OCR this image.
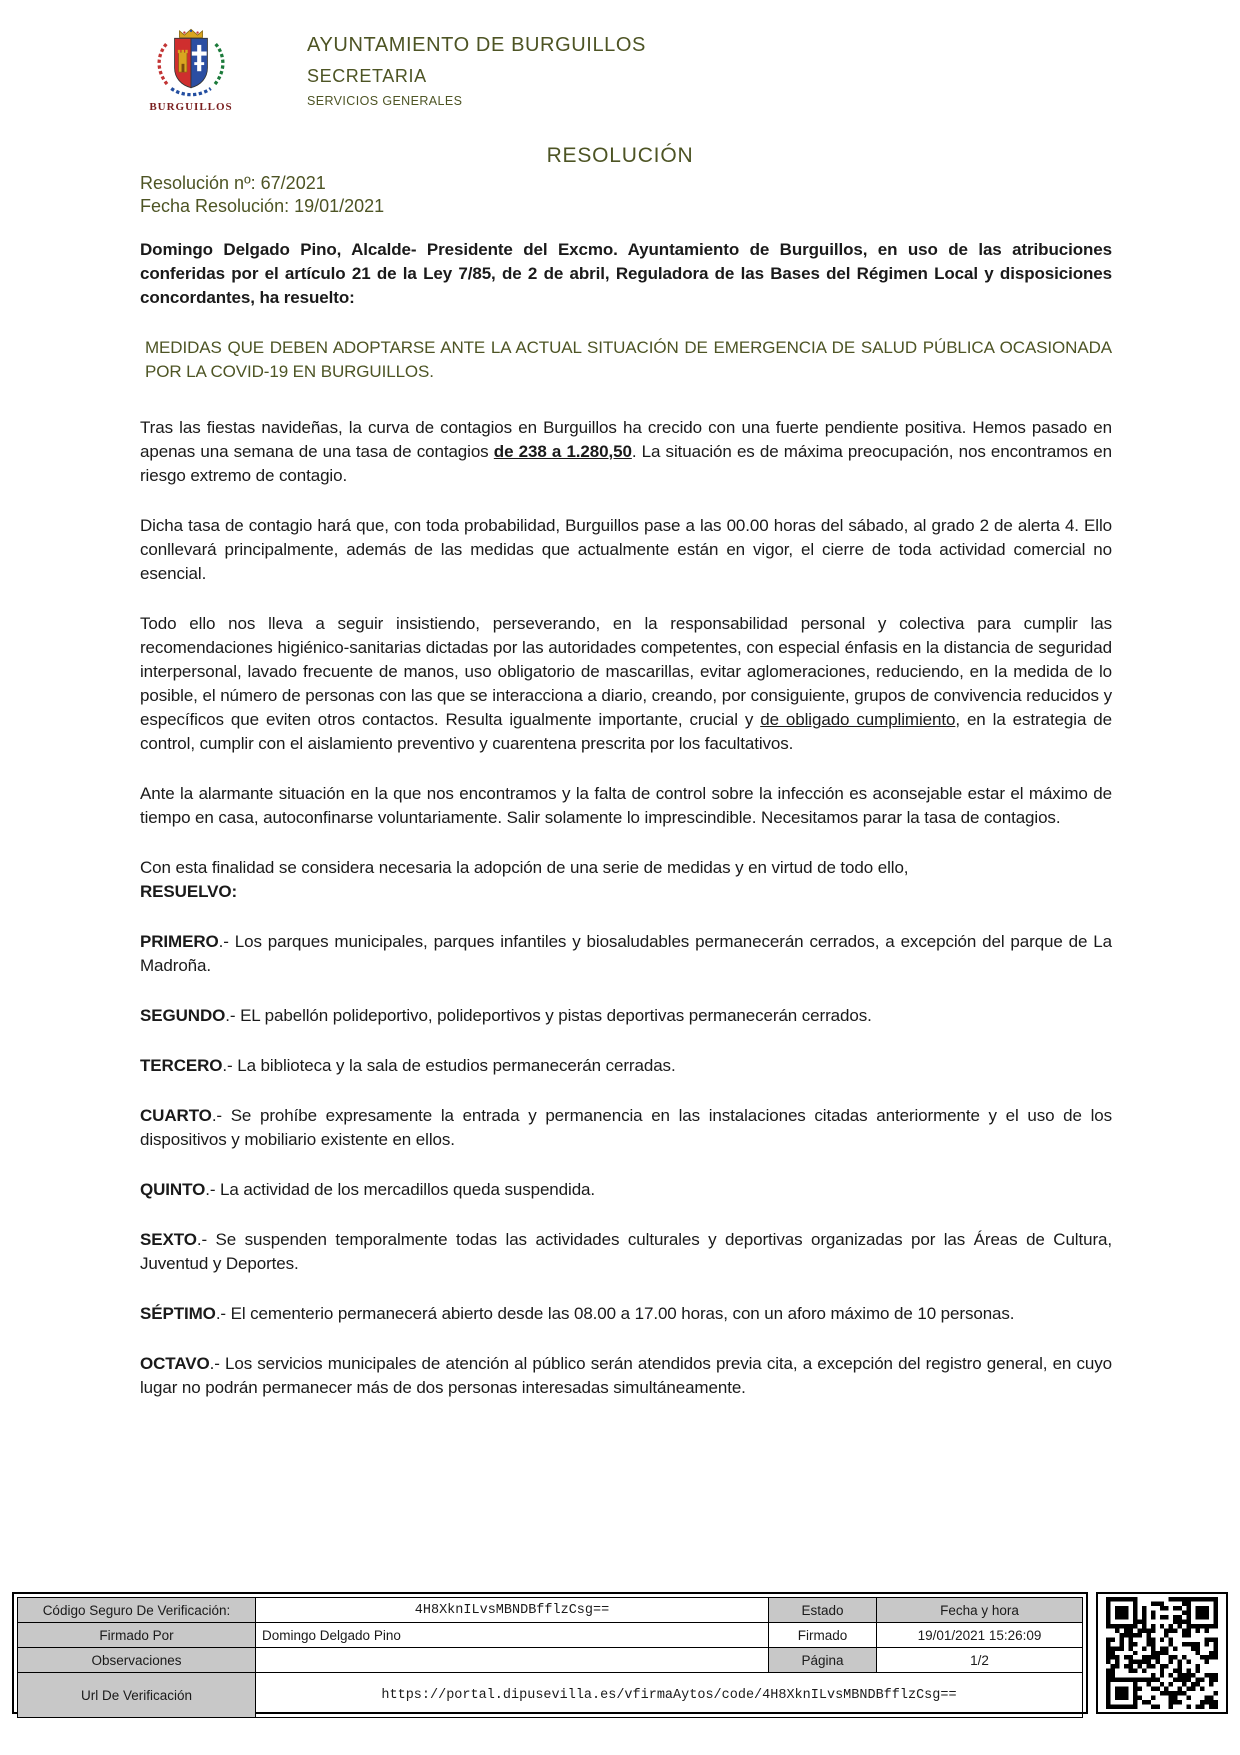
BURGUILLOS
AYUNTAMIENTO DE BURGUILLOS
SECRETARIA
SERVICIOS GENERALES
RESOLUCIÓN
Resolución nº: 67/2021
Fecha Resolución: 19/01/2021

Domingo Delgado Pino, Alcalde- Presidente del Excmo. Ayuntamiento de Burguillos, en uso de las atribuciones conferidas por el artículo 21 de la Ley 7/85, de 2 de abril, Reguladora de las Bases del Régimen Local y disposiciones concordantes, ha resuelto:

MEDIDAS QUE DEBEN ADOPTARSE ANTE LA ACTUAL SITUACIÓN DE EMERGENCIA DE SALUD PÚBLICA OCASIONADA POR LA COVID-19 EN BURGUILLOS.

Tras las fiestas navideñas, la curva de contagios en Burguillos ha crecido con una fuerte pendiente positiva. Hemos pasado en apenas una semana de una tasa de contagios de 238 a 1.280,50. La situación es de máxima preocupación, nos encontramos en riesgo extremo de contagio.

Dicha tasa de contagio hará que, con toda probabilidad, Burguillos pase a las 00.00 horas del sábado, al grado 2 de alerta 4. Ello conllevará principalmente, además de las medidas que actualmente están en vigor, el cierre de toda actividad comercial no esencial.

Todo ello nos lleva a seguir insistiendo, perseverando, en la responsabilidad personal y colectiva para cumplir las recomendaciones higiénico-sanitarias dictadas por las autoridades competentes, con especial énfasis en la distancia de seguridad interpersonal, lavado frecuente de manos, uso obligatorio de mascarillas, evitar aglomeraciones, reduciendo, en la medida de lo posible, el número de personas con las que se interacciona a diario, creando, por consiguiente, grupos de convivencia reducidos y específicos que eviten otros contactos. Resulta igualmente importante, crucial y de obligado cumplimiento, en la estrategia de control, cumplir con el aislamiento preventivo y cuarentena prescrita por los facultativos.

Ante la alarmante situación en la que nos encontramos y la falta de control sobre la infección es aconsejable estar el máximo de tiempo en casa, autoconfinarse voluntariamente. Salir solamente lo imprescindible. Necesitamos parar la tasa de contagios.

Con esta finalidad se considera necesaria la adopción de una serie de medidas y en virtud de todo ello,
RESUELVO:

PRIMERO.- Los parques municipales, parques infantiles y biosaludables permanecerán cerrados, a excepción del parque de La Madroña.

SEGUNDO.- EL pabellón polideportivo, polideportivos y pistas deportivas permanecerán cerrados.

TERCERO.- La biblioteca y la sala de estudios permanecerán cerradas.

CUARTO.- Se prohíbe expresamente la entrada y permanencia en las instalaciones citadas anteriormente y el uso de los dispositivos y mobiliario existente en ellos.

QUINTO.- La actividad de los mercadillos queda suspendida.

SEXTO.- Se suspenden temporalmente todas las actividades culturales y deportivas organizadas por las Áreas de Cultura, Juventud y Deportes.

SÉPTIMO.- El cementerio permanecerá abierto desde las 08.00 a 17.00 horas, con un aforo máximo de 10 personas.

OCTAVO.- Los servicios municipales de atención al público serán atendidos previa cita, a excepción del registro general, en cuyo lugar no podrán permanecer más de dos personas interesadas simultáneamente.

Código Seguro De Verificación:	4H8XknILvsMBNDBfflzCsg==	Estado	Fecha y hora
Firmado Por	Domingo Delgado Pino	Firmado	19/01/2021 15:26:09
Observaciones		Página	1/2
Url De Verificación	https://portal.dipusevilla.es/vfirmaAytos/code/4H8XknILvsMBNDBfflzCsg==		
